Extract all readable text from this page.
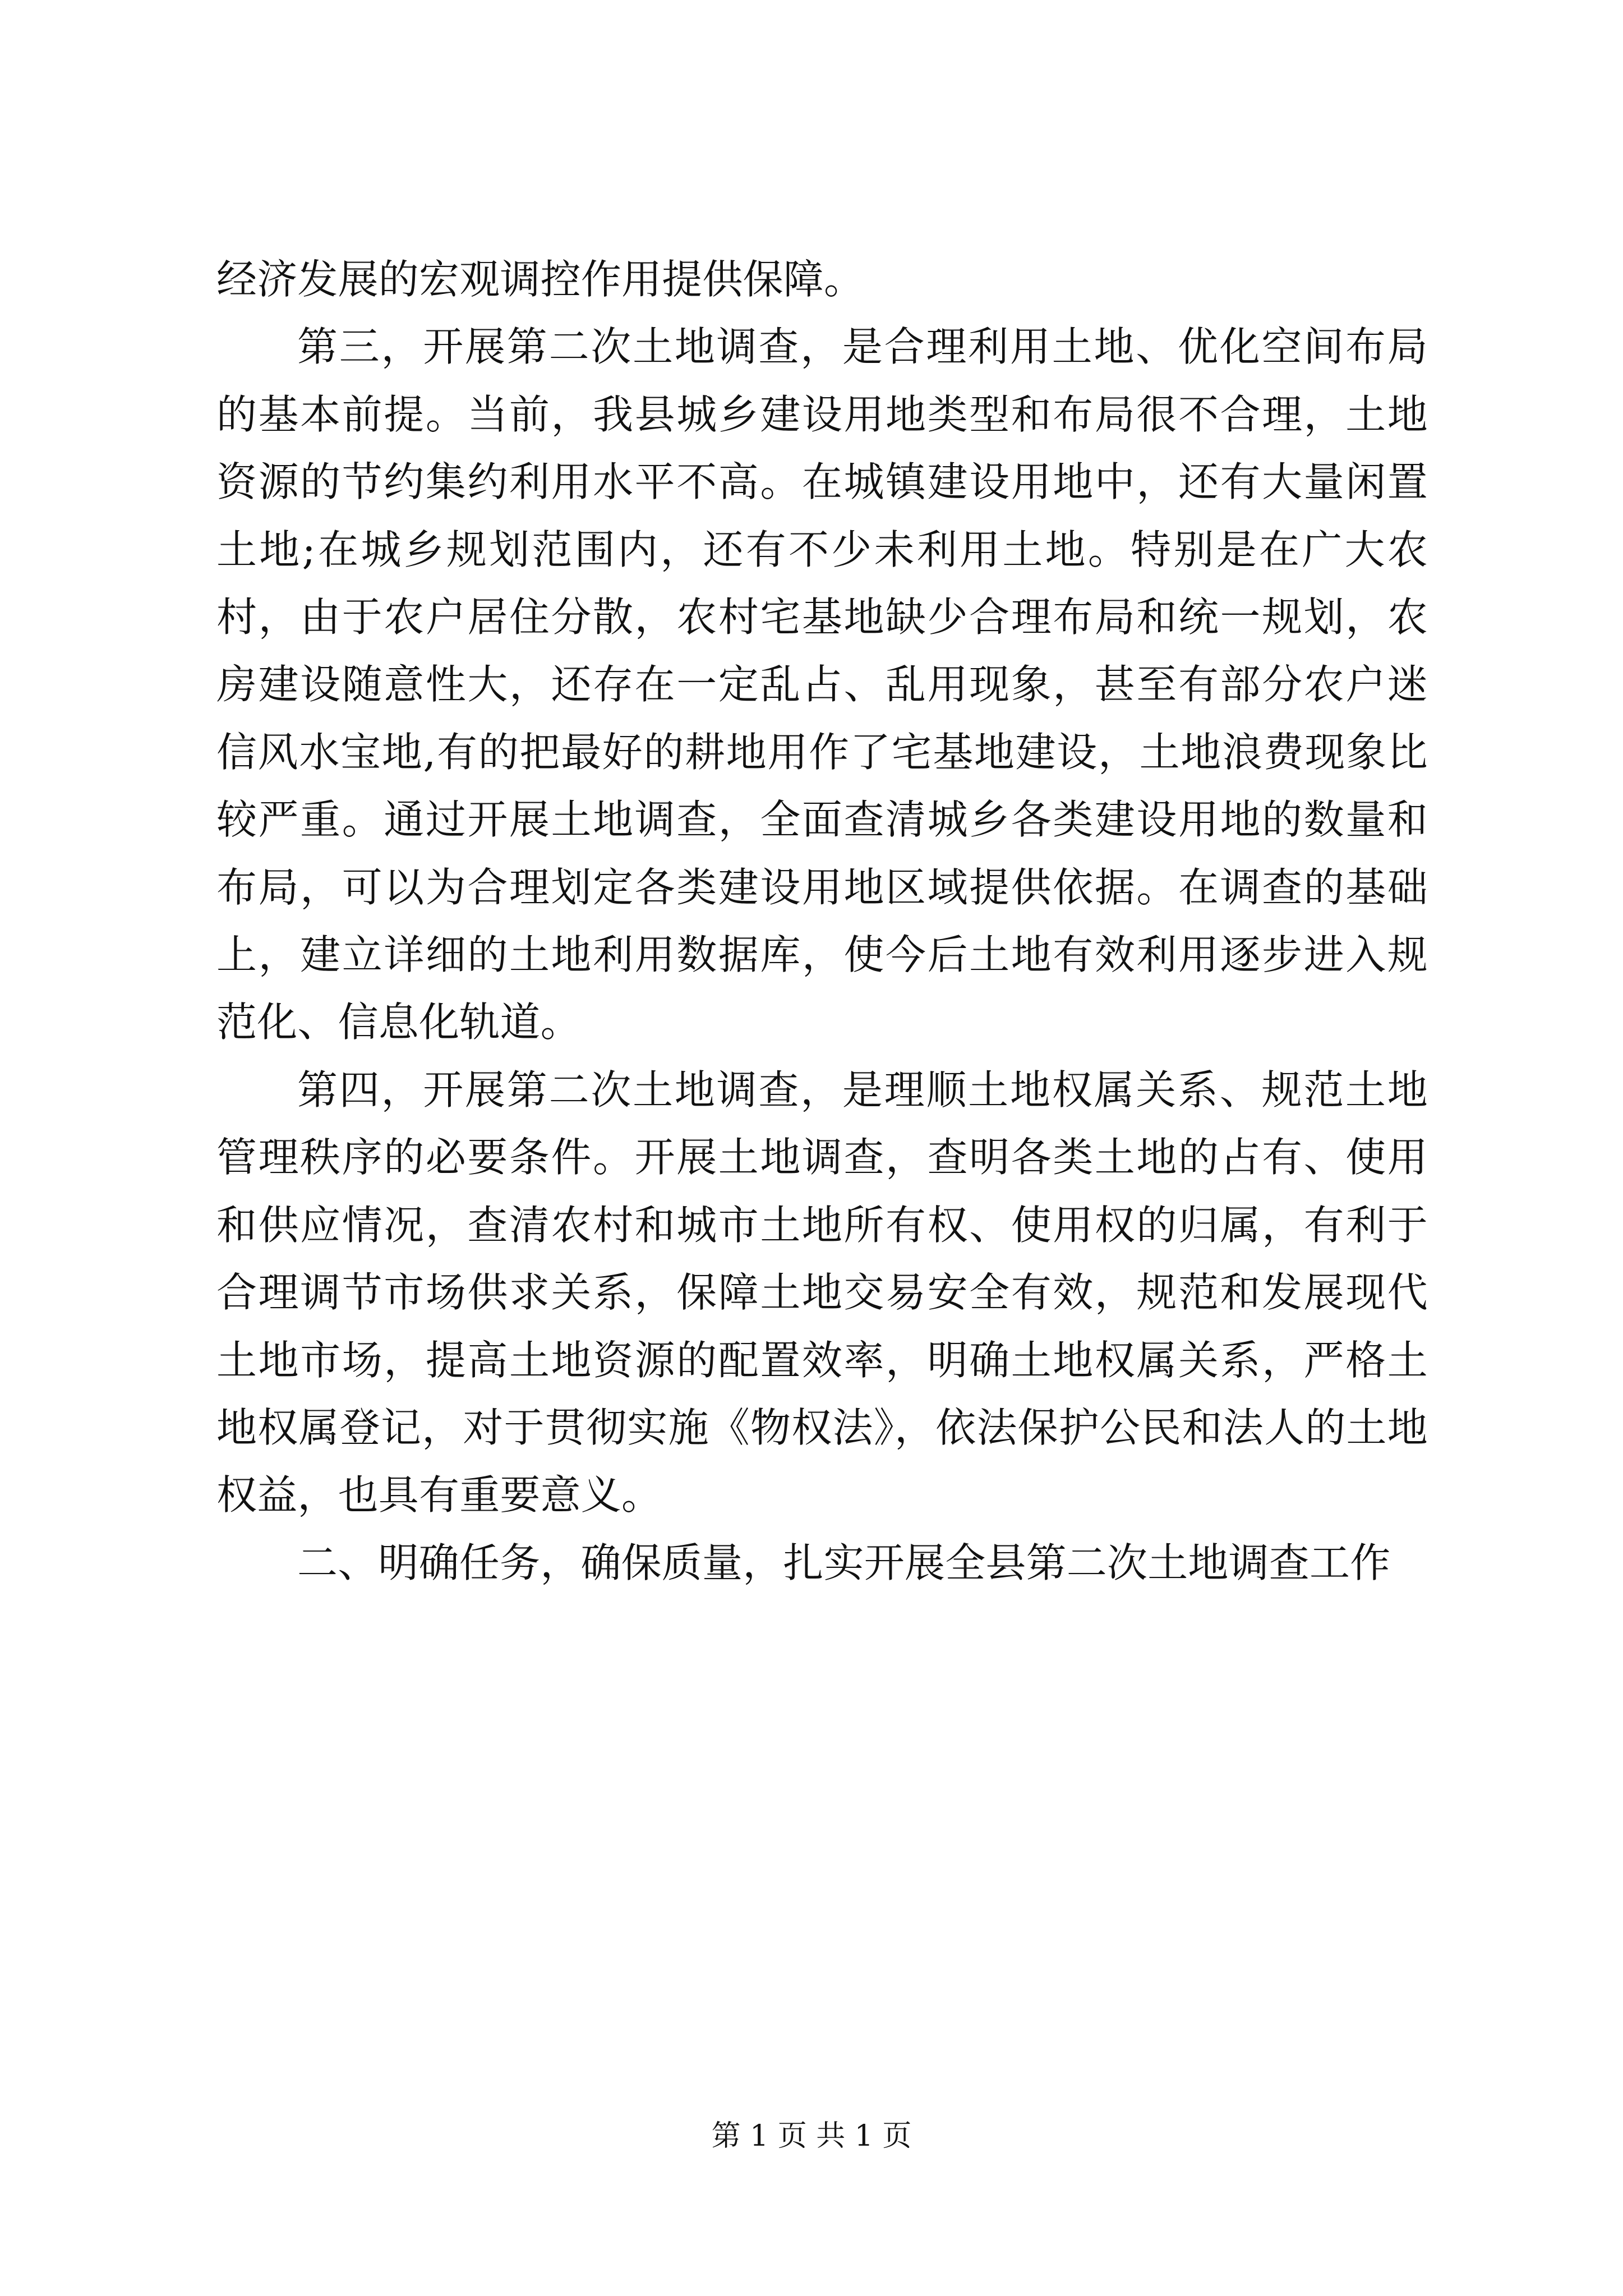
经济发展的宏观调控作用提供保障。

第三，开展第二次土地调查，是合理利用土地、优化空间布局的基本前提。当前，我县城乡建设用地类型和布局很不合理，土地资源的节约集约利用水平不高。在城镇建设用地中，还有大量闲置土地;在城乡规划范围内，还有不少未利用土地。特别是在广大农村，由于农户居住分散，农村宅基地缺少合理布局和统一规划，农房建设随意性大，还存在一定乱占、乱用现象，甚至有部分农户迷信风水宝地,有的把最好的耕地用作了宅基地建设，土地浪费现象比较严重。通过开展土地调查，全面查清城乡各类建设用地的数量和布局，可以为合理划定各类建设用地区域提供依据。在调查的基础上，建立详细的土地利用数据库，使今后土地有效利用逐步进入规范化、信息化轨道。

第四，开展第二次土地调查，是理顺土地权属关系、规范土地管理秩序的必要条件。开展土地调查，查明各类土地的占有、使用和供应情况，查清农村和城市土地所有权、使用权的归属，有利于合理调节市场供求关系，保障土地交易安全有效，规范和发展现代土地市场，提高土地资源的配置效率，明确土地权属关系，严格土地权属登记，对于贯彻实施《物权法》，依法保护公民和法人的土地权益，也具有重要意义。

二、明确任务，确保质量，扎实开展全县第二次土地调查工作

第 1 页 共 1 页
